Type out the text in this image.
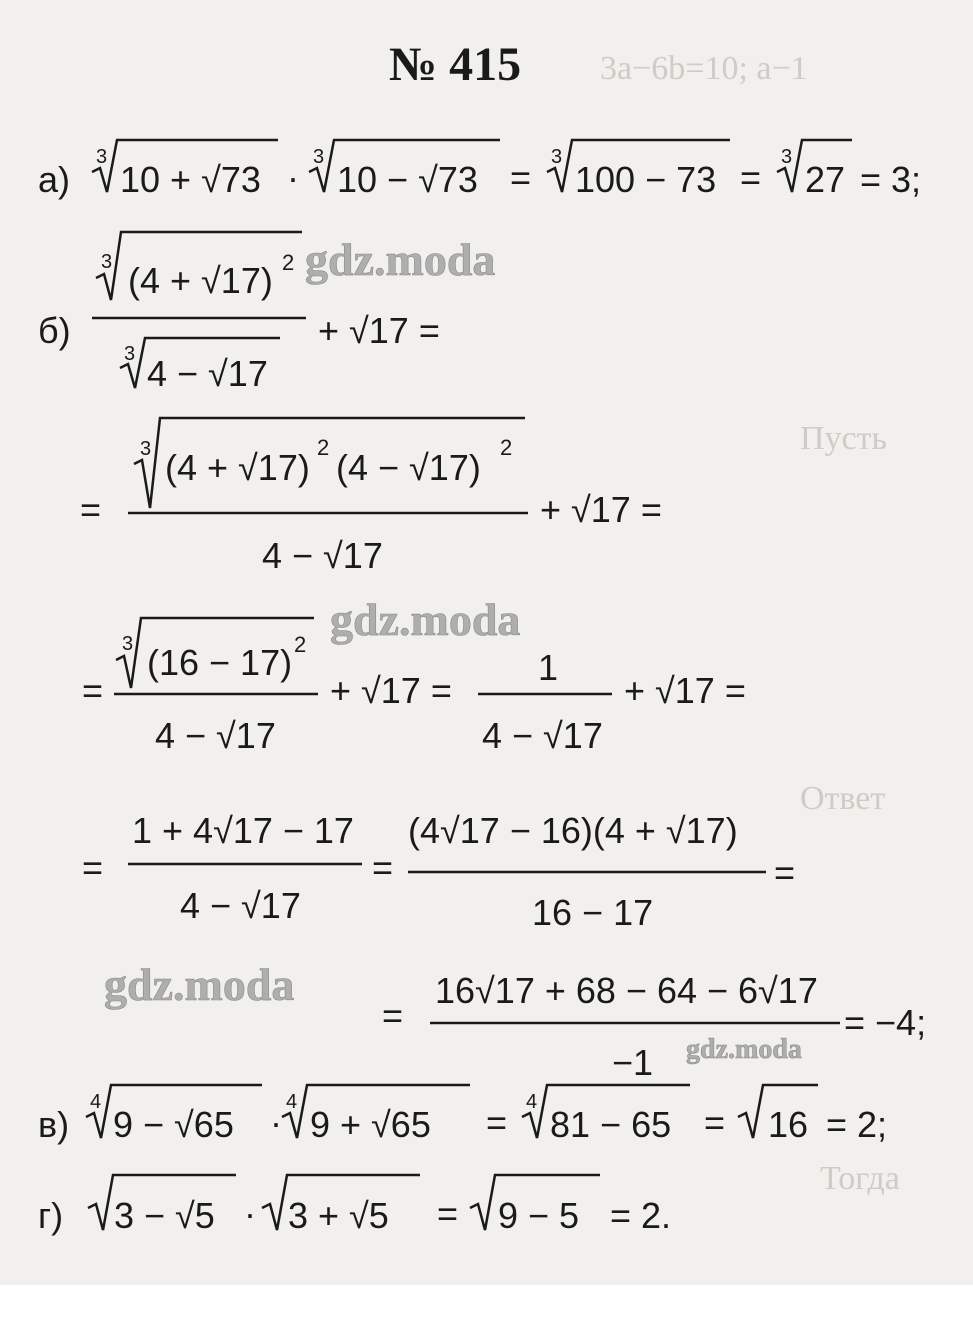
3a−6b=10; a−1
Пусть
Ответ
Тогда
№ 415
а)
3
10 + √73 · 3
10 − √73 = 3
100 − 73 = 3
27 = 3;
б)
3 (4 + √17) 2
3 4 − √17
+ √17 =
=
3 (4 + √17) 2 (4 − √17) 2
4 − √17
+ √17 =
=
3 (16 − 17) 2
4 − √17
+ √17 =
1
4 − √17
+ √17 =
=
1 + 4√17 − 17
4 − √17
=
(4√17 − 16)(4 + √17)
16 − 17
=
=
16√17 + 68 − 64 − 6√17
−1
= −4;
в)
4
9 − √65 · 4
9 + √65 = 4
81 − 65 = 16 = 2;
г) 3 − √5 · 3 + √5 = 9 − 5 = 2.
gdz.moda
gdz.moda
gdz.moda
gdz.moda
